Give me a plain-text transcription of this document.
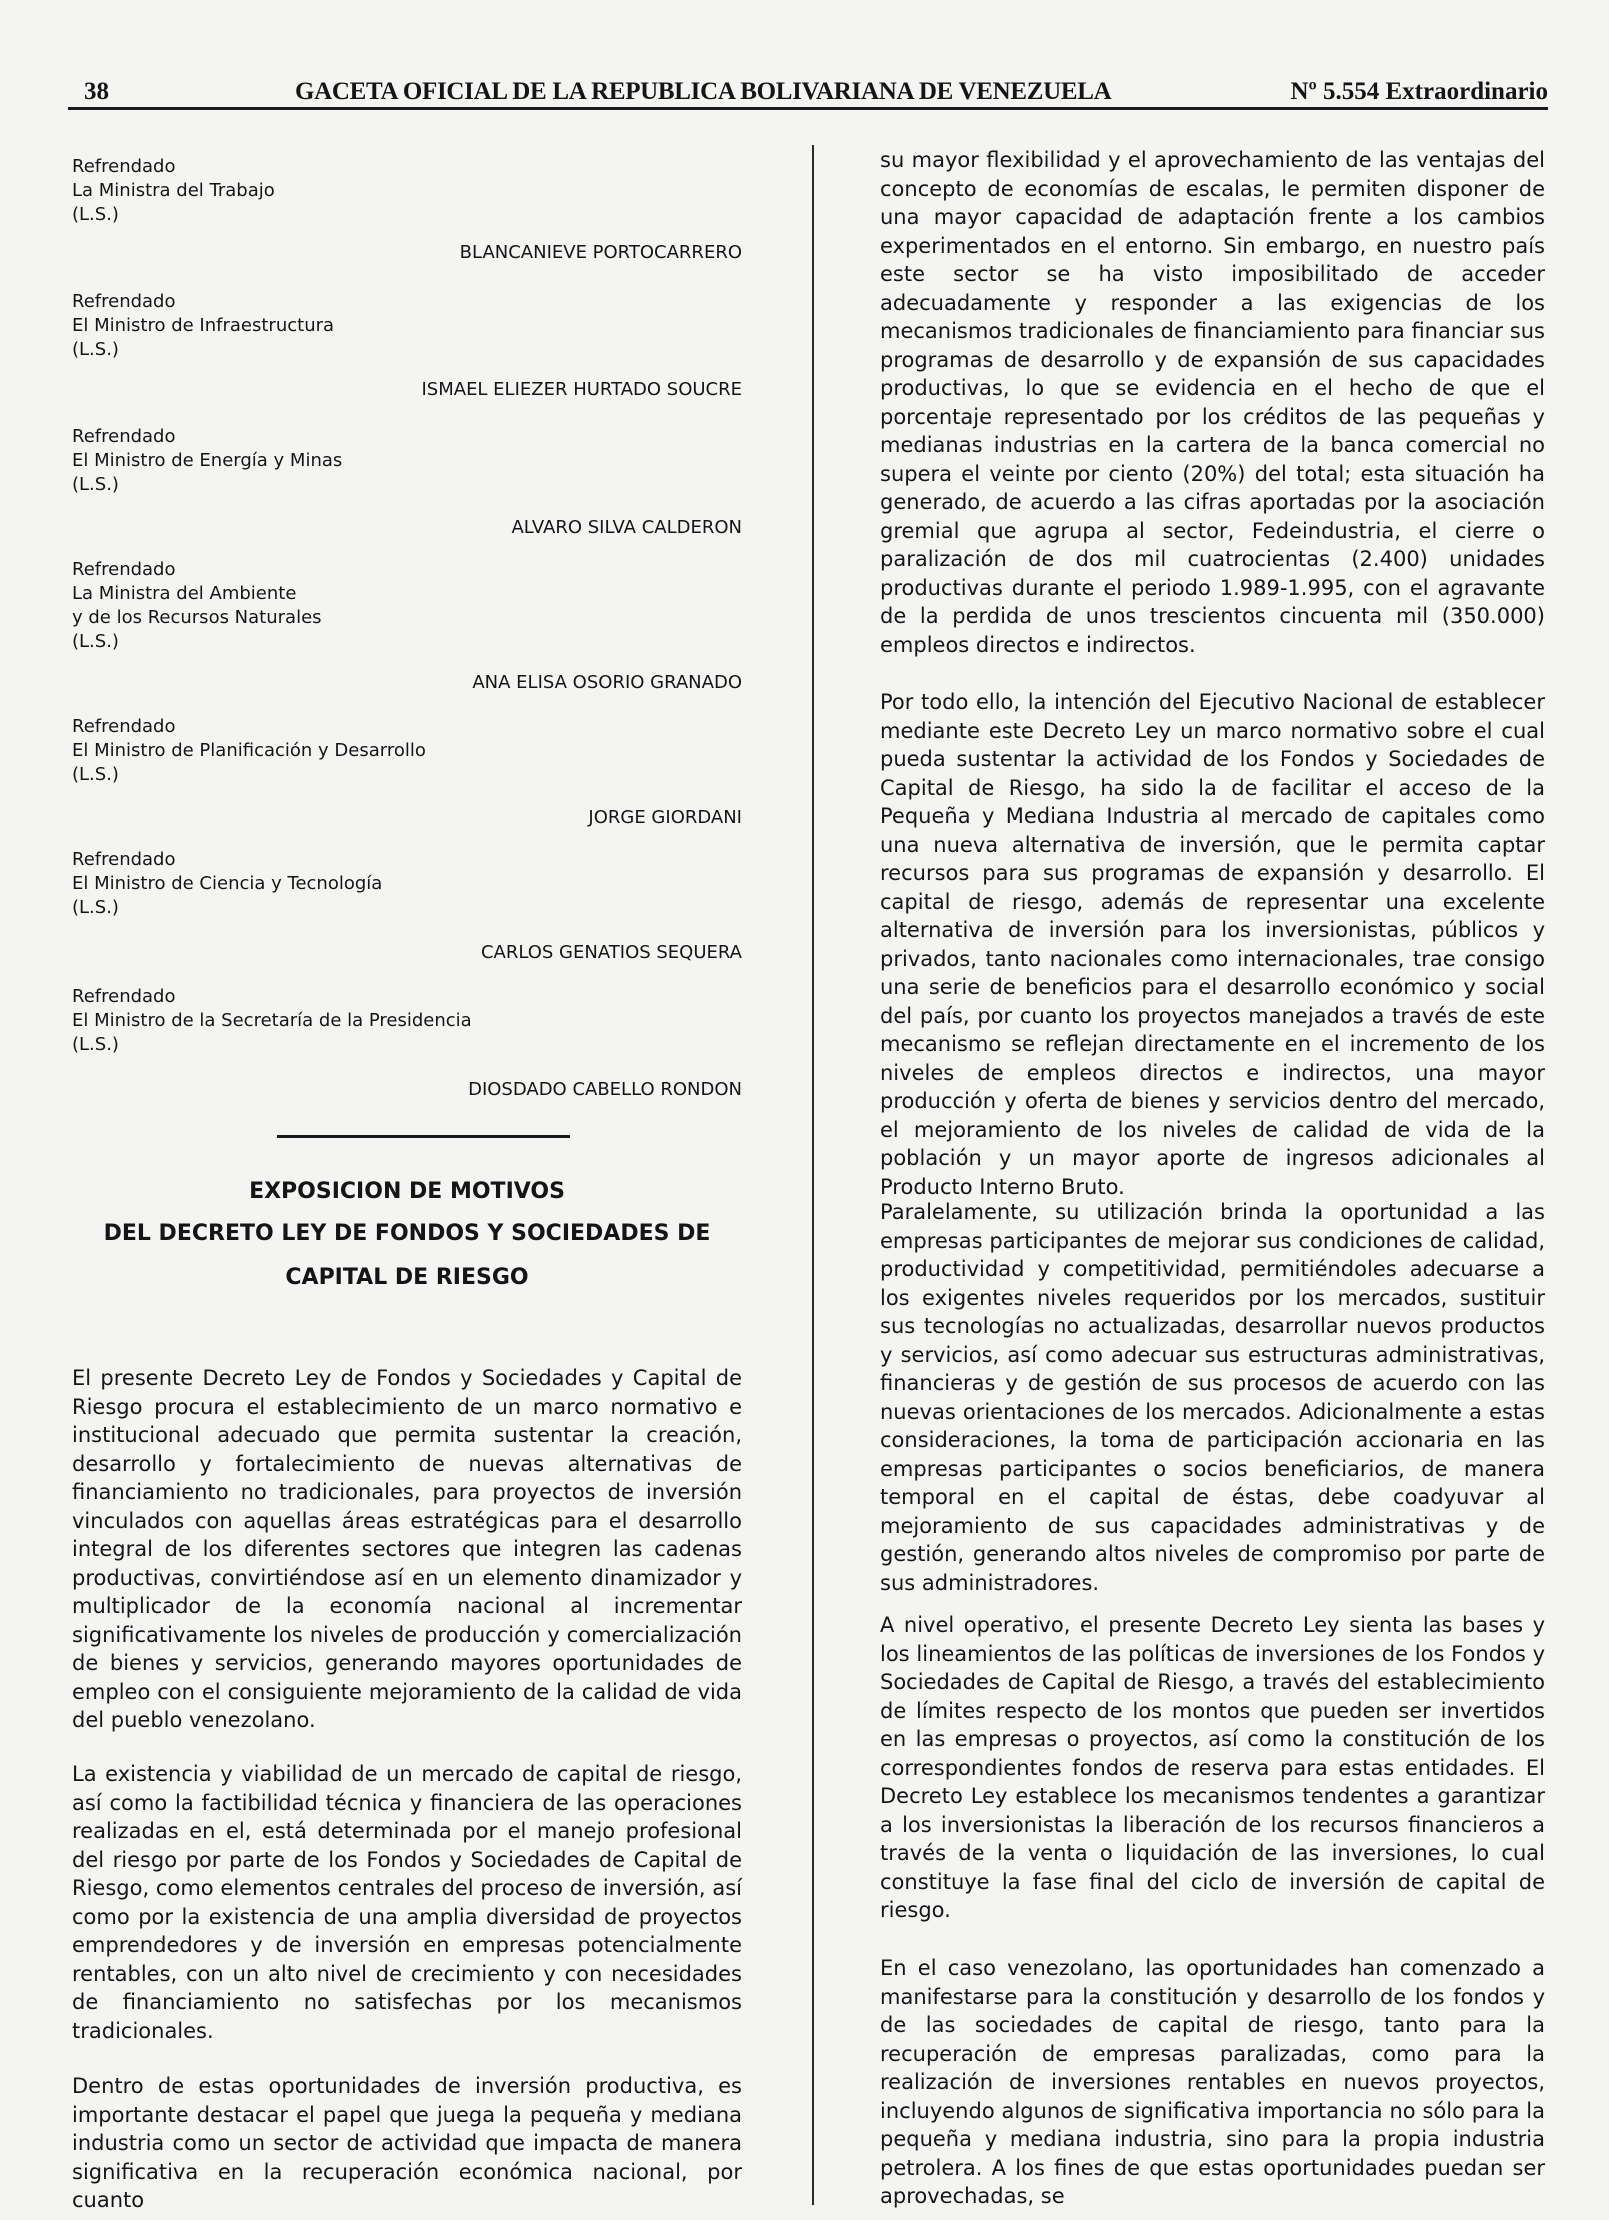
38	GACETA OFICIAL DE LA REPUBLICA BOLIVARIANA DE VENEZUELA	Nº 5.554 Extraordinario
Refrendado
La Ministra del Trabajo
(L.S.)
BLANCANIEVE PORTOCARRERO
Refrendado
El Ministro de Infraestructura
(L.S.)
ISMAEL ELIEZER HURTADO SOUCRE
Refrendado
El Ministro de Energía y Minas
(L.S.)
ALVARO SILVA CALDERON
Refrendado
La Ministra del Ambiente
y de los Recursos Naturales
(L.S.)
ANA ELISA OSORIO GRANADO
Refrendado
El Ministro de Planificación y Desarrollo
(L.S.)
JORGE GIORDANI
Refrendado
El Ministro de Ciencia y Tecnología
(L.S.)
CARLOS GENATIOS SEQUERA
Refrendado
El Ministro de la Secretaría de la Presidencia
(L.S.)
DIOSDADO CABELLO RONDON
EXPOSICION DE MOTIVOS
DEL DECRETO LEY DE FONDOS Y SOCIEDADES DE
CAPITAL DE RIESGO

El presente Decreto Ley de Fondos y Sociedades y Capital de Riesgo procura el establecimiento de un marco normativo e institucional adecuado que permita sustentar la creación, desarrollo y fortalecimiento de nuevas alternativas de financiamiento no tradicionales, para proyectos de inversión vinculados con aquellas áreas estratégicas para el desarrollo integral de los diferentes sectores que integren las cadenas productivas, convirtiéndose así en un elemento dinamizador y multiplicador de la economía nacional al incrementar significativamente los niveles de producción y comercialización de bienes y servicios, generando mayores oportunidades de empleo con el consiguiente mejoramiento de la calidad de vida del pueblo venezolano.

La existencia y viabilidad de un mercado de capital de riesgo, así como la factibilidad técnica y financiera de las operaciones realizadas en el, está determinada por el manejo profesional del riesgo por parte de los Fondos y Sociedades de Capital de Riesgo, como elementos centrales del proceso de inversión, así como por la existencia de una amplia diversidad de proyectos emprendedores y de inversión en empresas potencialmente rentables, con un alto nivel de crecimiento y con necesidades de financiamiento no satisfechas por los mecanismos tradicionales.

Dentro de estas oportunidades de inversión productiva, es importante destacar el papel que juega la pequeña y mediana industria como un sector de actividad que impacta de manera significativa en la recuperación económica nacional, por cuanto

su mayor flexibilidad y el aprovechamiento de las ventajas del concepto de economías de escalas, le permiten disponer de una mayor capacidad de adaptación frente a los cambios experimentados en el entorno. Sin embargo, en nuestro país este sector se ha visto imposibilitado de acceder adecuadamente y responder a las exigencias de los mecanismos tradicionales de financiamiento para financiar sus programas de desarrollo y de expansión de sus capacidades productivas, lo que se evidencia en el hecho de que el porcentaje representado por los créditos de las pequeñas y medianas industrias en la cartera de la banca comercial no supera el veinte por ciento (20%) del total; esta situación ha generado, de acuerdo a las cifras aportadas por la asociación gremial que agrupa al sector, Fedeindustria, el cierre o paralización de dos mil cuatrocientas (2.400) unidades productivas durante el periodo 1.989-1.995, con el agravante de la perdida de unos trescientos cincuenta mil (350.000) empleos directos e indirectos.

Por todo ello, la intención del Ejecutivo Nacional de establecer mediante este Decreto Ley un marco normativo sobre el cual pueda sustentar la actividad de los Fondos y Sociedades de Capital de Riesgo, ha sido la de facilitar el acceso de la Pequeña y Mediana Industria al mercado de capitales como una nueva alternativa de inversión, que le permita captar recursos para sus programas de expansión y desarrollo. El capital de riesgo, además de representar una excelente alternativa de inversión para los inversionistas, públicos y privados, tanto nacionales como internacionales, trae consigo una serie de beneficios para el desarrollo económico y social del país, por cuanto los proyectos manejados a través de este mecanismo se reflejan directamente en el incremento de los niveles de empleos directos e indirectos, una mayor producción y oferta de bienes y servicios dentro del mercado, el mejoramiento de los niveles de calidad de vida de la población y un mayor aporte de ingresos adicionales al Producto Interno Bruto.

Paralelamente, su utilización brinda la oportunidad a las empresas participantes de mejorar sus condiciones de calidad, productividad y competitividad, permitiéndoles adecuarse a los exigentes niveles requeridos por los mercados, sustituir sus tecnologías no actualizadas, desarrollar nuevos productos y servicios, así como adecuar sus estructuras administrativas, financieras y de gestión de sus procesos de acuerdo con las nuevas orientaciones de los mercados. Adicionalmente a estas consideraciones, la toma de participación accionaria en las empresas participantes o socios beneficiarios, de manera temporal en el capital de éstas, debe coadyuvar al mejoramiento de sus capacidades administrativas y de gestión, generando altos niveles de compromiso por parte de sus administradores.

A nivel operativo, el presente Decreto Ley sienta las bases y los lineamientos de las políticas de inversiones de los Fondos y Sociedades de Capital de Riesgo, a través del establecimiento de límites respecto de los montos que pueden ser invertidos en las empresas o proyectos, así como la constitución de los correspondientes fondos de reserva para estas entidades. El Decreto Ley establece los mecanismos tendentes a garantizar a los inversionistas la liberación de los recursos financieros a través de la venta o liquidación de las inversiones, lo cual constituye la fase final del ciclo de inversión de capital de riesgo.

En el caso venezolano, las oportunidades han comenzado a manifestarse para la constitución y desarrollo de los fondos y de las sociedades de capital de riesgo, tanto para la recuperación de empresas paralizadas, como para la realización de inversiones rentables en nuevos proyectos, incluyendo algunos de significativa importancia no sólo para la pequeña y mediana industria, sino para la propia industria petrolera. A los fines de que estas oportunidades puedan ser aprovechadas, se
